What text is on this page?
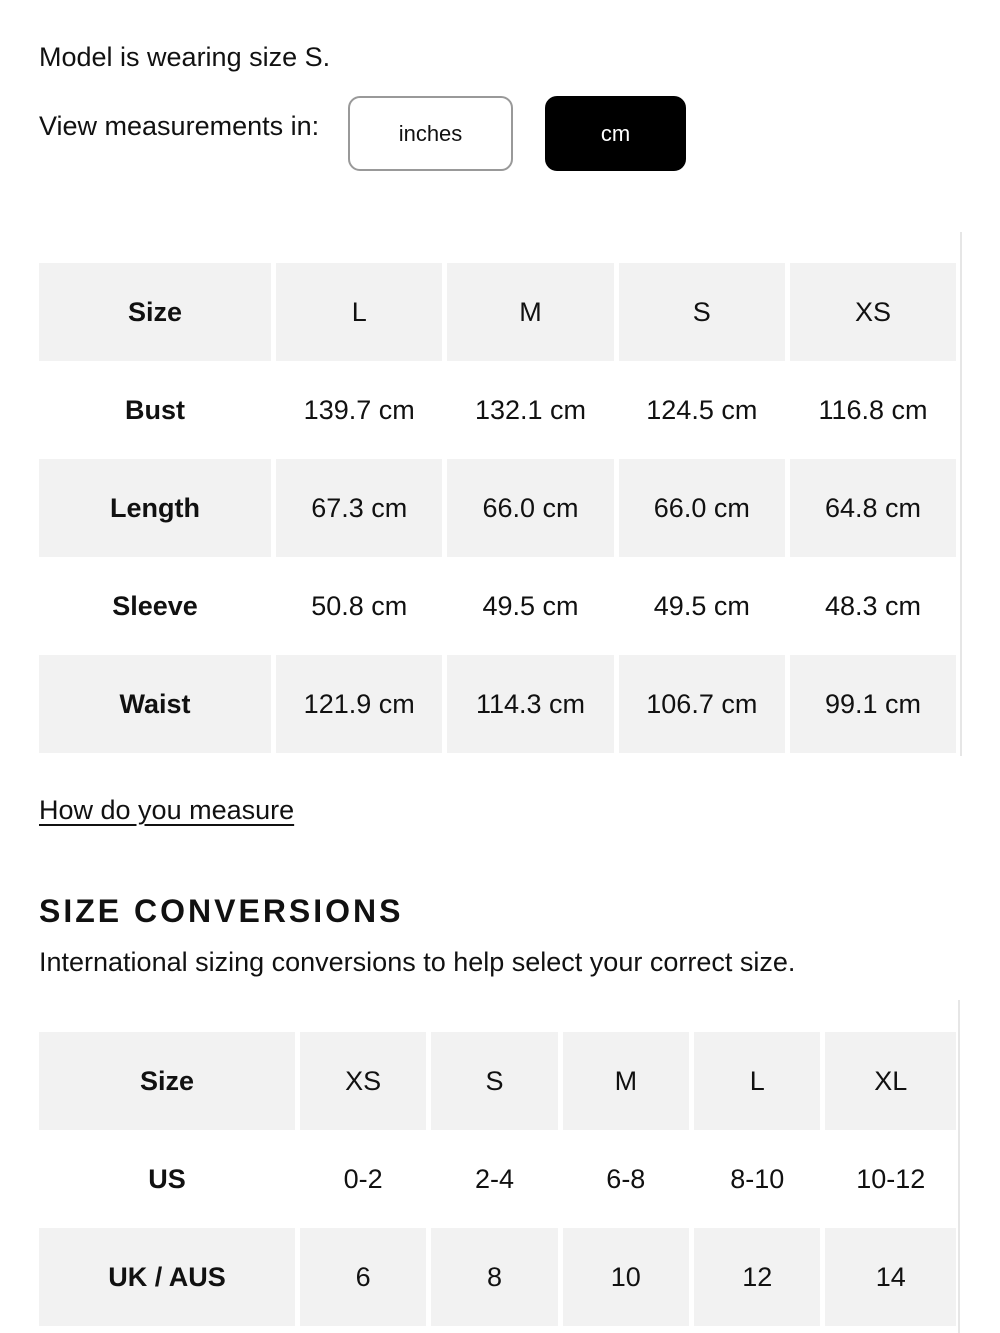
Model is wearing size S.
View measurements in:	inches	cm
Size	L	M	S	XS
Bust	139.7 cm	132.1 cm	124.5 cm	116.8 cm
Length	67.3 cm	66.0 cm	66.0 cm	64.8 cm
Sleeve	50.8 cm	49.5 cm	49.5 cm	48.3 cm
Waist	121.9 cm	114.3 cm	106.7 cm	99.1 cm
How do you measure
SIZE CONVERSIONS
International sizing conversions to help select your correct size.
Size	XS	S	M	L	XL
US	0-2	2-4	6-8	8-10	10-12
UK / AUS	6	8	10	12	14
